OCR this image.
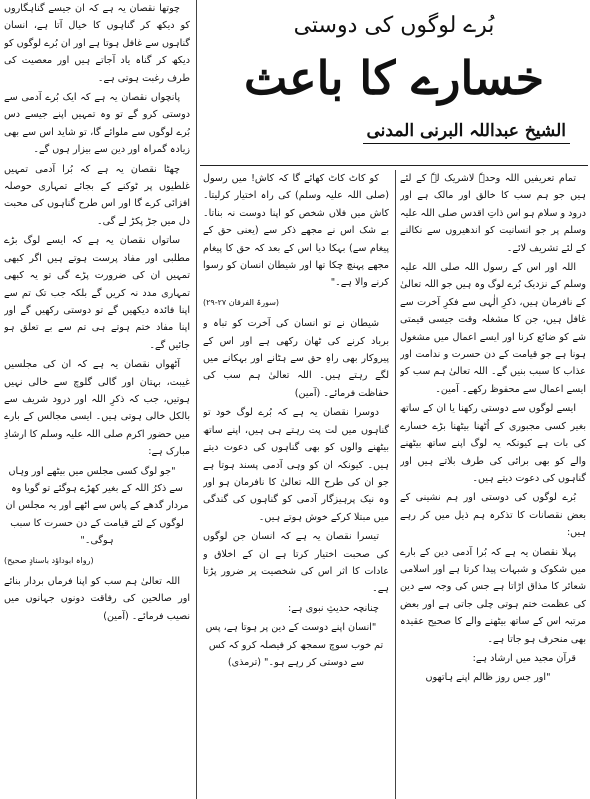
بُرے لوگوں کی دوستی
خسارے کا باعث
الشیخ عبداللہ البرنی المدنی

تمام تعریفیں اللہ وحدہٗ لاشریک لہٗ کے لئے ہیں جو ہم سب کا خالق اور مالک ہے اور درود و سلام ہو اس ذاتِ اقدس صلی اللہ علیہ وسلم پر جو انسانیت کو اندھیروں سے نکالنے کے لئے تشریف لائے۔

اللہ اور اس کے رسول اللہ صلی اللہ علیہ وسلم کے نزدیک بُرے لوگ وہ ہیں جو اللہ تعالیٰ کے نافرمان ہیں، ذکرِ الٰہی سے فکرِ آخرت سے غافل ہیں، جن کا مشغلہ وقت جیسی قیمتی شے کو ضائع کرنا اور ایسے اعمال میں مشغول ہونا ہے جو قیامت کے دن حسرت و ندامت اور عذاب کا سبب بنیں گے۔ اللہ تعالیٰ ہم سب کو ایسے اعمال سے محفوظ رکھے۔ آمین۔

ایسے لوگوں سے دوستی رکھنا یا ان کے ساتھ بغیر کسی مجبوری کے اُٹھنا بیٹھنا بڑے خسارے کی بات ہے کیونکہ یہ لوگ اپنے ساتھ بیٹھنے والے کو بھی برائی کی طرف بلاتے ہیں اور گناہوں کی دعوت دیتے ہیں۔

بُرے لوگوں کی دوستی اور ہم نشینی کے بعض نقصانات کا تذکرہ ہم ذیل میں کر رہے ہیں:

پہلا نقصان یہ ہے کہ بُرا آدمی دین کے بارے میں شکوک و شبہات پیدا کرتا ہے اور اسلامی شعائر کا مذاق اڑاتا ہے جس کی وجہ سے دین کی عظمت ختم ہوتی چلی جاتی ہے اور بعض مرتبہ اس کے ساتھ بیٹھنے والے کا صحیح عقیدہ بھی منحرف ہو جاتا ہے۔

قرآن مجید میں ارشاد ہے:

"اور جس روز ظالم اپنے ہاتھوں

کو کاٹ کاٹ کھائے گا کہ کاش! میں رسول (صلی اللہ علیہ وسلم) کی راہ اختیار کرلیتا۔ کاش میں فلاں شخص کو اپنا دوست نہ بناتا۔ بے شک اس نے مجھے ذکر سے (یعنی حق کے پیغام سے) بہکا دیا اس کے بعد کہ حق کا پیغام مجھے پہنچ چکا تھا اور شیطان انسان کو رسوا کرنے والا ہے۔"

(سورۃ الفرقان ۲۷-۲۹)

شیطان نے تو انسان کی آخرت کو تباہ و برباد کرنے کی ٹھان رکھی ہے اور اس کے پیروکار بھی راہِ حق سے ہٹانے اور بہکانے میں لگے رہتے ہیں۔ اللہ تعالیٰ ہم سب کی حفاظت فرمائے۔ (آمین)

دوسرا نقصان یہ ہے کہ بُرے لوگ خود تو گناہوں میں لت پت رہتے ہی ہیں، اپنے ساتھ بیٹھنے والوں کو بھی گناہوں کی دعوت دیتے ہیں۔ کیونکہ ان کو وہی آدمی پسند ہوتا ہے جو ان کی طرح اللہ تعالیٰ کا نافرمان ہو اور وہ نیک پرہیزگار آدمی کو گناہوں کی گندگی میں مبتلا کرکے خوش ہوتے ہیں۔

تیسرا نقصان یہ ہے کہ انسان جن لوگوں کی صحبت اختیار کرتا ہے ان کے اخلاق و عادات کا اثر اس کی شخصیت پر ضرور پڑتا ہے۔

چنانچہ حدیثِ نبوی ہے:

"انسان اپنے دوست کے دین پر ہوتا ہے، پس تم خوب سوچ سمجھ کر فیصلہ کرو کہ کس سے دوستی کر رہے ہو۔" (ترمذی)

چوتھا نقصان یہ ہے کہ ان جیسے گناہگاروں کو دیکھ کر گناہوں کا خیال آتا ہے، انسان گناہوں سے غافل ہوتا ہے اور ان بُرے لوگوں کو دیکھ کر گناہ یاد آجاتے ہیں اور معصیت کی طرف رغبت ہوتی ہے۔

پانچواں نقصان یہ ہے کہ ایک بُرے آدمی سے دوستی کرو گے تو وہ تمہیں اپنے جیسے دس بُرے لوگوں سے ملوائے گا، تو شاید اس سے بھی زیادہ گمراہ اور دین سے بیزار ہوں گے۔

چھٹا نقصان یہ ہے کہ بُرا آدمی تمہیں غلطیوں پر ٹوکنے کے بجائے تمہاری حوصلہ افزائی کرے گا اور اس طرح گناہوں کی محبت دل میں جڑ پکڑ لے گی۔

ساتواں نقصان یہ ہے کہ ایسے لوگ بڑے مطلبی اور مفاد پرست ہوتے ہیں اگر کبھی تمہیں ان کی ضرورت پڑے گی تو یہ کبھی تمہاری مدد نہ کریں گے بلکہ جب تک تم سے اپنا فائدہ دیکھیں گے تو دوستی رکھیں گے اور اپنا مفاد ختم ہوتے ہی تم سے بے تعلق ہو جائیں گے۔

آٹھواں نقصان یہ ہے کہ ان کی مجلسیں غیبت، بہتان اور گالی گلوچ سے خالی نہیں ہوتیں، جب کہ ذکرِ اللہ اور درود شریف سے بالکل خالی ہوتی ہیں۔ ایسی مجالس کے بارے میں حضور اکرم صلی اللہ علیہ وسلم کا ارشادِ مبارک ہے:

"جو لوگ کسی مجلس میں بیٹھے اور وہاں سے ذکرُ اللہ کے بغیر کھڑے ہوگئے تو گویا وہ مردار گدھے کے پاس سے اٹھے اور یہ مجلس ان لوگوں کے لئے قیامت کے دن حسرت کا سبب ہوگی۔"

(رواہ ابوداؤد باسنادٍ صحیح)

اللہ تعالیٰ ہم سب کو اپنا فرماں بردار بنائے اور صالحین کی رفاقت دونوں جہانوں میں نصیب فرمائے۔ (آمین)
